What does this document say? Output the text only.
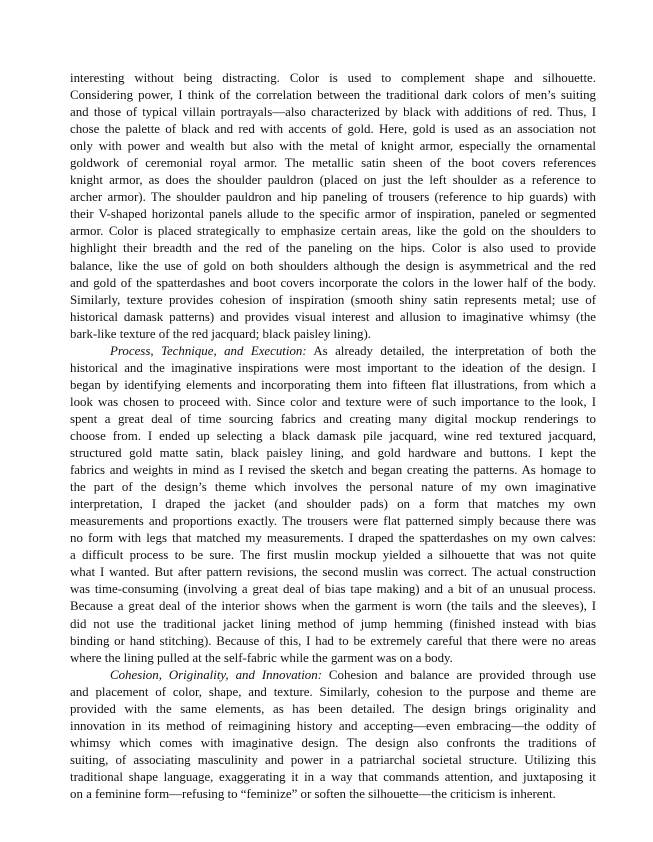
interesting without being distracting. Color is used to complement shape and silhouette.
Considering power, I think of the correlation between the traditional dark colors of men’s suiting
and those of typical villain portrayals—also characterized by black with additions of red. Thus, I
chose the palette of black and red with accents of gold. Here, gold is used as an association not
only with power and wealth but also with the metal of knight armor, especially the ornamental
goldwork of ceremonial royal armor. The metallic satin sheen of the boot covers references
knight armor, as does the shoulder pauldron (placed on just the left shoulder as a reference to
archer armor). The shoulder pauldron and hip paneling of trousers (reference to hip guards) with
their V-shaped horizontal panels allude to the specific armor of inspiration, paneled or segmented
armor. Color is placed strategically to emphasize certain areas, like the gold on the shoulders to
highlight their breadth and the red of the paneling on the hips. Color is also used to provide
balance, like the use of gold on both shoulders although the design is asymmetrical and the red
and gold of the spatterdashes and boot covers incorporate the colors in the lower half of the body.
Similarly, texture provides cohesion of inspiration (smooth shiny satin represents metal; use of
historical damask patterns) and provides visual interest and allusion to imaginative whimsy (the
bark-like texture of the red jacquard; black paisley lining).
Process, Technique, and Execution: As already detailed, the interpretation of both the
historical and the imaginative inspirations were most important to the ideation of the design. I
began by identifying elements and incorporating them into fifteen flat illustrations, from which a
look was chosen to proceed with. Since color and texture were of such importance to the look, I
spent a great deal of time sourcing fabrics and creating many digital mockup renderings to
choose from. I ended up selecting a black damask pile jacquard, wine red textured jacquard,
structured gold matte satin, black paisley lining, and gold hardware and buttons. I kept the
fabrics and weights in mind as I revised the sketch and began creating the patterns. As homage to
the part of the design’s theme which involves the personal nature of my own imaginative
interpretation, I draped the jacket (and shoulder pads) on a form that matches my own
measurements and proportions exactly. The trousers were flat patterned simply because there was
no form with legs that matched my measurements. I draped the spatterdashes on my own calves:
a difficult process to be sure. The first muslin mockup yielded a silhouette that was not quite
what I wanted. But after pattern revisions, the second muslin was correct. The actual construction
was time-consuming (involving a great deal of bias tape making) and a bit of an unusual process.
Because a great deal of the interior shows when the garment is worn (the tails and the sleeves), I
did not use the traditional jacket lining method of jump hemming (finished instead with bias
binding or hand stitching). Because of this, I had to be extremely careful that there were no areas
where the lining pulled at the self-fabric while the garment was on a body.
Cohesion, Originality, and Innovation: Cohesion and balance are provided through use
and placement of color, shape, and texture. Similarly, cohesion to the purpose and theme are
provided with the same elements, as has been detailed. The design brings originality and
innovation in its method of reimagining history and accepting—even embracing—the oddity of
whimsy which comes with imaginative design. The design also confronts the traditions of
suiting, of associating masculinity and power in a patriarchal societal structure. Utilizing this
traditional shape language, exaggerating it in a way that commands attention, and juxtaposing it
on a feminine form—refusing to “feminize” or soften the silhouette—the criticism is inherent.
